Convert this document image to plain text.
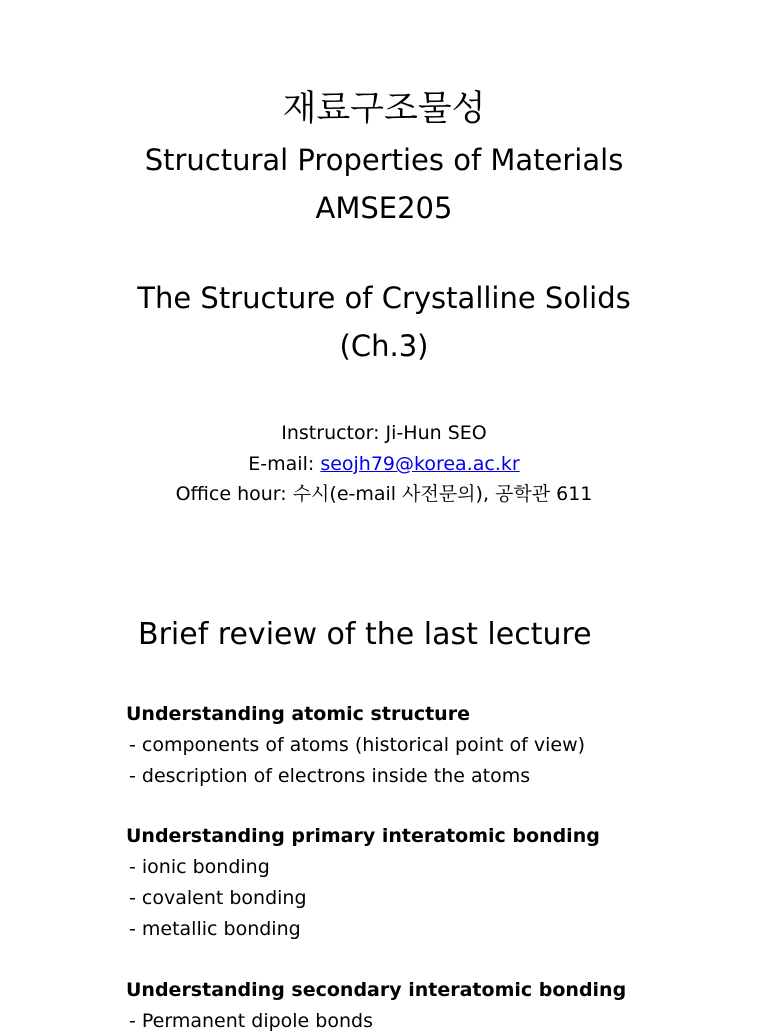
재료구조물성
Structural Properties of Materials
AMSE205
The Structure of Crystalline Solids
(Ch.3)
Instructor: Ji-Hun SEO
E-mail: seojh79@korea.ac.kr
Office hour: 수시(e-mail 사전문의), 공학관 611
Brief review of the last lecture
Understanding atomic structure
- components of atoms (historical point of view)
- description of electrons inside the atoms
Understanding primary interatomic bonding
- ionic bonding
- covalent bonding
- metallic bonding
Understanding secondary interatomic bonding
- Permanent dipole bonds
